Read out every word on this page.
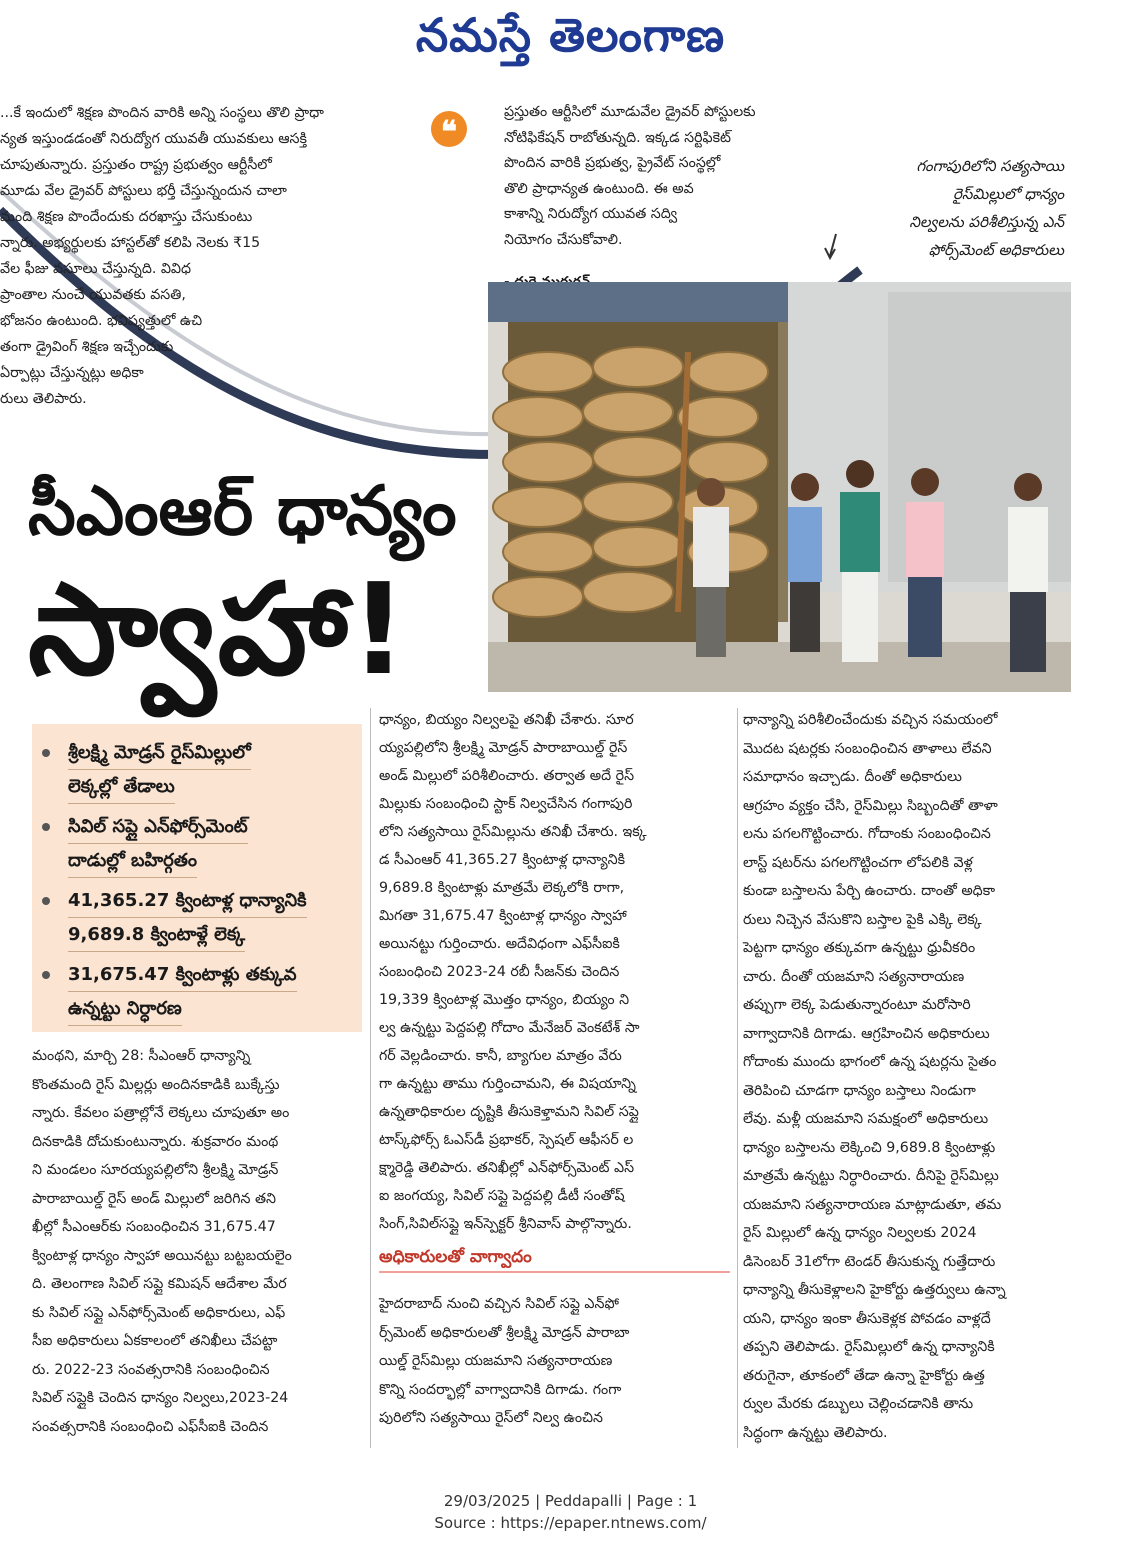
నమస్తే తెలంగాణ

...కే ఇందులో శిక్షణ పొందిన వారికి అన్ని సంస్థలు తొలి ప్రాధా

న్యత ఇస్తుండడంతో నిరుద్యోగ యువతీ యువకులు ఆసక్తి

చూపుతున్నారు. ప్రస్తుతం రాష్ట్ర ప్రభుత్వం ఆర్టీసీలో

మూడు వేల డ్రైవర్ పోస్టులు భర్తీ చేస్తున్నందున చాలా

మంది శిక్షణ పొందేందుకు దరఖాస్తు చేసుకుంటు

న్నారు. అభ్యర్థులకు హాస్టల్‌తో కలిపి నెలకు ₹15

వేల ఫీజు వసూలు చేస్తున్నది. వివిధ

ప్రాంతాల నుంచే యువతకు వసతి,

భోజనం ఉంటుంది. భవిష్యత్తులో ఉచి

తంగా డ్రైవింగ్ శిక్షణ ఇచ్చేందుకు

ఏర్పాట్లు చేస్తున్నట్లు అధికా

రులు తెలిపారు.

❝

ప్రస్తుతం ఆర్టీసిలో మూడువేల డ్రైవర్ పోస్టులకు

నోటిఫికేషన్ రాబోతున్నది. ఇక్కడ సర్టిఫికెట్

పొందిన వారికి ప్రభుత్వ, ప్రైవేట్ సంస్థల్లో

తొలి ప్రాధాన్యత ఉంటుంది. ఈ అవ

కాశాన్ని నిరుద్యోగ యువత సద్వి

నియోగం చేసుకోవాలి.

గంగాపురిలోని సత్యసాయి
రైస్‌మిల్లులో ధాన్యం
నిల్వలను పరిశీలిస్తున్న ఎన్
ఫోర్స్‌మెంట్ అధికారులు
సీఎంఆర్ ధాన్యం
స్వాహా!
శ్రీలక్ష్మి మోడ్రన్ రైస్‌మిల్లులో
లెక్కల్లో తేడాలు
సివిల్ సప్లై ఎన్‌ఫోర్స్‌మెంట్
దాడుల్లో బహిర్గతం
41,365.27 క్వింటాళ్ల ధాన్యానికి
9,689.8 క్వింటాళ్లే లెక్క
31,675.47 క్వింటాళ్లు తక్కువ
ఉన్నట్టు నిర్ధారణ

మంథని, మార్చి 28: సీఎంఆర్ ధాన్యాన్ని

కొంతమంది రైస్ మిల్లర్లు అందినకాడికి బుక్కేస్తు

న్నారు. కేవలం పత్రాల్లోనే లెక్కలు చూపుతూ అం

దినకాడికి దోచుకుంటున్నారు. శుక్రవారం మంథ

ని మండలం సూరయ్యపల్లిలోని శ్రీలక్ష్మి మోడ్రన్

పారాబాయిల్డ్ రైస్ అండ్ మిల్లులో జరిగిన తని

ఖీల్లో సీఎంఆర్‌కు సంబంధించిన 31,675.47

క్వింటాళ్ల ధాన్యం స్వాహా అయినట్టు బట్టబయలైం

ది. తెలంగాణ సివిల్ సప్లై కమిషన్ ఆదేశాల మేర

కు సివిల్ సప్లై ఎన్‌ఫోర్స్‌మెంట్ అధికారులు, ఎఫ్

సీఐ అధికారులు ఏకకాలంలో తనిఖీలు చేపట్టా

రు. 2022-23 సంవత్సరానికి సంబంధించిన

సివిల్ సప్లైకి చెందిన ధాన్యం నిల్వలు,2023-24

సంవత్సరానికి సంబంధించి ఎఫ్‌సీఐకి చెందిన

ధాన్యం, బియ్యం నిల్వలపై తనిఖీ చేశారు. సూర

య్యపల్లిలోని శ్రీలక్ష్మి మోడ్రన్ పారాబాయిల్డ్ రైస్

అండ్ మిల్లులో పరిశీలించారు. తర్వాత అదే రైస్

మిల్లుకు సంబంధించి స్టాక్ నిల్వచేసిన గంగాపురి

లోని సత్యసాయి రైస్‌మిల్లును తనిఖీ చేశారు. ఇక్క

డ సీఎంఆర్ 41,365.27 క్వింటాళ్ల ధాన్యానికి

9,689.8 క్వింటాళ్లు మాత్రమే లెక్కలోకి రాగా,

మిగతా 31,675.47 క్వింటాళ్ల ధాన్యం స్వాహా

అయినట్టు గుర్తించారు. అదేవిధంగా ఎఫ్‌సీఐకి

సంబంధించి 2023-24 రబీ సీజన్‌కు చెందిన

19,339 క్వింటాళ్ల మొత్తం ధాన్యం, బియ్యం ని

ల్వ ఉన్నట్టు పెద్దపల్లి గోదాం మేనేజర్ వెంకటేశ్ సా

గర్ వెల్లడించారు. కానీ, బ్యాగుల మాత్రం వేరు

గా ఉన్నట్టు తాము గుర్తించామని, ఈ విషయాన్ని

ఉన్నతాధికారుల దృష్టికి తీసుకెళ్తామని సివిల్ సప్లై

టాస్క్‌ఫోర్స్ ఓఎస్‌డీ ప్రభాకర్, స్పెషల్ ఆఫీసర్ ల

క్ష్మారెడ్డి తెలిపారు. తనిఖీల్లో ఎన్‌ఫోర్స్‌మెంట్ ఎస్

ఐ జంగయ్య, సివిల్ సప్లై పెద్దపల్లి డీటీ సంతోష్

సింగ్,సివిల్‌సప్లై ఇన్‌స్పెక్టర్ శ్రీనివాస్ పాల్గొన్నారు.

అధికారులతో వాగ్వాదం

హైదరాబాద్ నుంచి వచ్చిన సివిల్ సప్లై ఎన్‌ఫో

ర్స్‌మెంట్ అధికారులతో శ్రీలక్ష్మి మోడ్రన్ పారాబా

యిల్డ్ రైస్‌మిల్లు యజమాని సత్యనారాయణ

కొన్ని సందర్భాల్లో వాగ్వాదానికి దిగాడు. గంగా

పురిలోని సత్యసాయి రైస్‌లో నిల్వ ఉంచిన

ధాన్యాన్ని పరిశీలించేందుకు వచ్చిన సమయంలో

మొదట షటర్లకు సంబంధించిన తాళాలు లేవని

సమాధానం ఇచ్చాడు. దీంతో అధికారులు

ఆగ్రహం వ్యక్తం చేసి, రైస్‌మిల్లు సిబ్బందితో తాళా

లను పగలగొట్టించారు. గోదాంకు సంబంధించిన

లాస్ట్ షటర్‌ను పగలగొట్టించగా లోపలికి వెళ్ల

కుండా బస్తాలను పేర్చి ఉంచారు. దాంతో అధికా

రులు నిచ్చెన వేసుకొని బస్తాల పైకి ఎక్కి లెక్క

పెట్టగా ధాన్యం తక్కువగా ఉన్నట్టు ధ్రువీకరిం

చారు. దీంతో యజమాని సత్యనారాయణ

తప్పుగా లెక్క పెడుతున్నారంటూ మరోసారి

వాగ్వాదానికి దిగాడు. ఆగ్రహించిన అధికారులు

గోదాంకు ముందు భాగంలో ఉన్న షటర్లను సైతం

తెరిపించి చూడగా ధాన్యం బస్తాలు నిండుగా

లేవు. మళ్లీ యజమాని సమక్షంలో అధికారులు

ధాన్యం బస్తాలను లెక్కించి 9,689.8 క్వింటాళ్లు

మాత్రమే ఉన్నట్టు నిర్ధారించారు. దీనిపై రైస్‌మిల్లు

యజమాని సత్యనారాయణ మాట్లాడుతూ, తమ

రైస్ మిల్లులో ఉన్న ధాన్యం నిల్వలకు 2024

డిసెంబర్ 31లోగా టెండర్ తీసుకున్న గుత్తేదారు

ధాన్యాన్ని తీసుకెళ్లాలని హైకోర్టు ఉత్తర్వులు ఉన్నా

యని, ధాన్యం ఇంకా తీసుకెళ్లక పోవడం వాళ్లదే

తప్పని తెలిపాడు. రైస్‌మిల్లులో ఉన్న ధాన్యానికి

తరుగైనా, తూకంలో తేడా ఉన్నా హైకోర్టు ఉత్త

ర్వుల మేరకు డబ్బులు చెల్లించడానికి తాను

సిద్ధంగా ఉన్నట్టు తెలిపారు.

29/03/2025 | Peddapalli | Page : 1
Source : https://epaper.ntnews.com/
